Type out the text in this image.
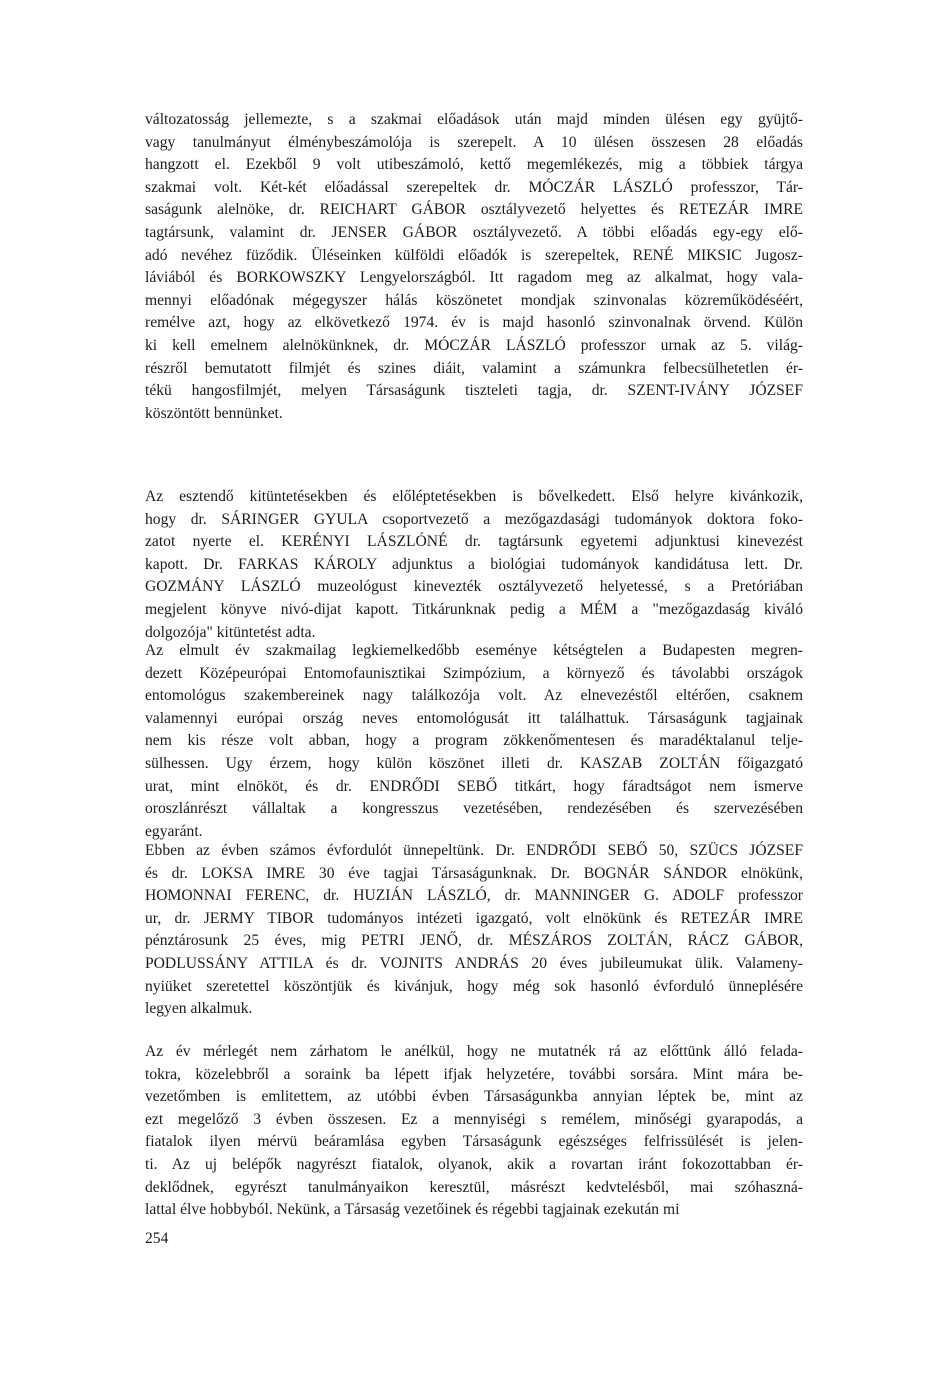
változatosság jellemezte, s a szakmai előadások után majd minden ülésen egy gyüjtő-
vagy tanulmányut élménybeszámolója is szerepelt. A 10 ülésen összesen 28 előadás
hangzott el. Ezekből 9 volt utibeszámoló, kettő megemlékezés, mig a többiek tárgya
szakmai volt. Két-két előadással szerepeltek dr. MÓCZÁR LÁSZLÓ professzor, Tár-
saságunk alelnöke, dr. REICHART GÁBOR osztályvezető helyettes és RETEZÁR IMRE
tagtársunk, valamint dr. JENSER GÁBOR osztályvezető. A többi előadás egy-egy elő-
adó nevéhez füződik. Üléseinken külföldi előadók is szerepeltek, RENÉ MIKSIC Jugosz-
láviából és BORKOWSZKY Lengyelországból. Itt ragadom meg az alkalmat, hogy vala-
mennyi előadónak mégegyszer hálás köszönetet mondjak szinvonalas közreműködéséért,
remélve azt, hogy az elkövetkező 1974. év is majd hasonló szinvonalnak örvend. Külön
ki kell emelnem alelnökünknek, dr. MÓCZÁR LÁSZLÓ professzor urnak az 5. világ-
részről bemutatott filmjét és szines diáit, valamint a számunkra felbecsülhetetlen ér-
tékü hangosfilmjét, melyen Társaságunk tiszteleti tagja, dr. SZENT-IVÁNY JÓZSEF
köszöntött bennünket.
Az esztendő kitüntetésekben és előléptetésekben is bővelkedett. Első helyre kivánkozik,
hogy dr. SÁRINGER GYULA csoportvezető a mezőgazdasági tudományok doktora foko-
zatot nyerte el. KERÉNYI LÁSZLÓNÉ dr. tagtársunk egyetemi adjunktusi kinevezést
kapott. Dr. FARKAS KÁROLY adjunktus a biológiai tudományok kandidátusa lett. Dr.
GOZMÁNY LÁSZLÓ muzeológust kinevezték osztályvezető helyetessé, s a Pretóriában
megjelent könyve nivó-dijat kapott. Titkárunknak pedig a MÉM a "mezőgazdaság kiváló
dolgozója" kitüntetést adta.
Az elmult év szakmailag legkiemelkedőbb eseménye kétségtelen a Budapesten megren-
dezett Középeurópai Entomofaunisztikai Szimpózium, a környező és távolabbi országok
entomológus szakembereinek nagy találkozója volt. Az elnevezéstől eltérően, csaknem
valamennyi európai ország neves entomológusát itt találhattuk. Társaságunk tagjainak
nem kis része volt abban, hogy a program zökkenőmentesen és maradéktalanul telje-
sülhessen. Ugy érzem, hogy külön köszönet illeti dr. KASZAB ZOLTÁN főigazgató
urat, mint elnököt, és dr. ENDRŐDI SEBŐ titkárt, hogy fáradtságot nem ismerve
oroszlánrészt vállaltak a kongresszus vezetésében, rendezésében és szervezésében
egyaránt.
Ebben az évben számos évfordulót ünnepeltünk. Dr. ENDRŐDI SEBŐ 50, SZÜCS JÓZSEF
és dr. LOKSA IMRE 30 éve tagjai Társaságunknak. Dr. BOGNÁR SÁNDOR elnökünk,
HOMONNAI FERENC, dr. HUZIÁN LÁSZLÓ, dr. MANNINGER G. ADOLF professzor
ur, dr. JERMY TIBOR tudományos intézeti igazgató, volt elnökünk és RETEZÁR IMRE
pénztárosunk 25 éves, mig PETRI JENŐ, dr. MÉSZÁROS ZOLTÁN, RÁCZ GÁBOR,
PODLUSSÁNY ATTILA és dr. VOJNITS ANDRÁS 20 éves jubileumukat ülik. Valameny-
nyiüket szeretettel köszöntjük és kivánjuk, hogy még sok hasonló évforduló ünneplésére
legyen alkalmuk.
Az év mérlegét nem zárhatom le anélkül, hogy ne mutatnék rá az előttünk álló felada-
tokra, közelebbről a soraink ba lépett ifjak helyzetére, további sorsára. Mint mára be-
vezetőmben is emlitettem, az utóbbi évben Társaságunkba annyian léptek be, mint az
ezt megelőző 3 évben összesen. Ez a mennyiségi s remélem, minőségi gyarapodás, a
fiatalok ilyen mérvü beáramlása egyben Társaságunk egészséges felfrissülését is jelen-
ti. Az uj belépők nagyrészt fiatalok, olyanok, akik a rovartan iránt fokozottabban ér-
deklődnek, egyrészt tanulmányaikon keresztül, másrészt kedvtelésből, mai szóhaszná-
lattal élve hobbyból. Nekünk, a Társaság vezetőinek és régebbi tagjainak ezekután mi
254
